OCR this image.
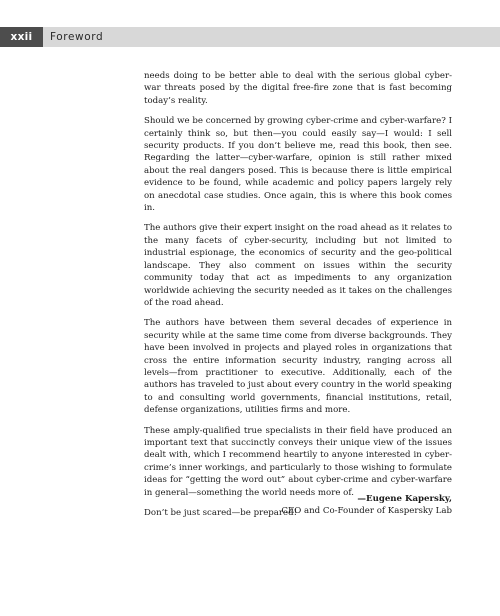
xxii	Foreword

needs doing to be better able to deal with the serious global cyber-war threats posed by the digital free-fire zone that is fast becoming today’s reality.

Should we be concerned by growing cyber-crime and cyber-warfare? I certainly think so, but then—you could easily say—I would: I sell security products. If you don’t believe me, read this book, then see. Regarding the latter—cyber-warfare, opinion is still rather mixed about the real dangers posed. This is because there is little empirical evidence to be found, while academic and policy papers largely rely on anecdotal case studies. Once again, this is where this book comes in.

The authors give their expert insight on the road ahead as it relates to the many facets of cyber-security, including but not limited to industrial espionage, the economics of security and the geo-political landscape. They also comment on issues within the security community today that act as impediments to any organization worldwide achieving the security needed as it takes on the challenges of the road ahead.

The authors have between them several decades of experience in security while at the same time come from diverse backgrounds. They have been involved in projects and played roles in organizations that cross the entire information security industry, ranging across all levels—from practitioner to executive. Additionally, each of the authors has traveled to just about every country in the world speaking to and consulting world governments, financial institutions, retail, defense organizations, utilities firms and more.

These amply-qualified true specialists in their field have produced an important text that succinctly conveys their unique view of the issues dealt with, which I recommend heartily to anyone interested in cyber-crime’s inner workings, and particularly to those wishing to formulate ideas for “getting the word out” about cyber-crime and cyber-warfare in general—something the world needs more of.

Don’t be just scared—be prepared!

—Eugene Kapersky,
CEO and Co-Founder of Kaspersky Lab
